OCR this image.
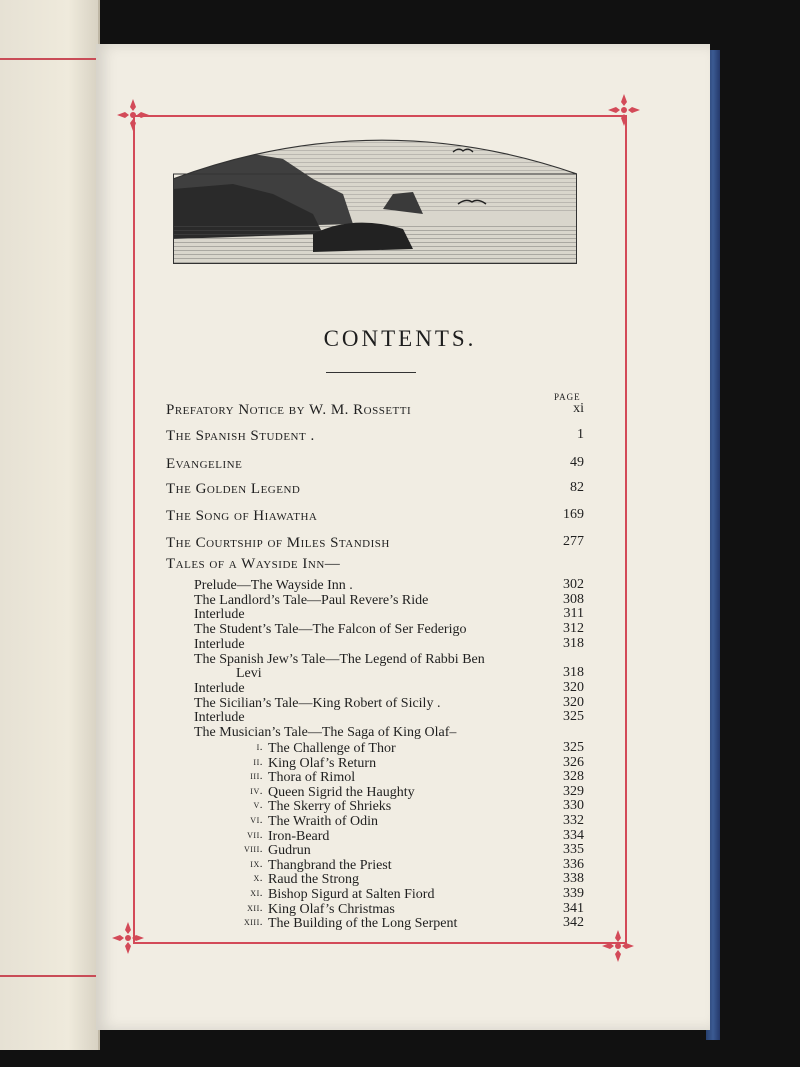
CONTENTS.
PAGE
Prefatory Notice by W. M. Rossetti	xi
The Spanish Student .	1
Evangeline	49
The Golden Legend	82
The Song of Hiawatha	169
The Courtship of Miles Standish	277
Tales of a Wayside Inn—
Prelude—The Wayside Inn .	302
The Landlord’s Tale—Paul Revere’s Ride	308
Interlude	311
The Student’s Tale—The Falcon of Ser Federigo	312
Interlude	318
The Spanish Jew’s Tale—The Legend of Rabbi Ben
Levi	318
Interlude	320
The Sicilian’s Tale—King Robert of Sicily .	320
Interlude	325
The Musician’s Tale—The Saga of King Olaf–
i. The Challenge of Thor	325
ii. King Olaf’s Return	326
iii. Thora of Rimol	328
iv. Queen Sigrid the Haughty	329
v. The Skerry of Shrieks	330
vi. The Wraith of Odin	332
vii. Iron-Beard	334
viii. Gudrun	335
ix. Thangbrand the Priest	336
x. Raud the Strong	338
xi. Bishop Sigurd at Salten Fiord	339
xii. King Olaf’s Christmas	341
xiii. The Building of the Long Serpent	342
